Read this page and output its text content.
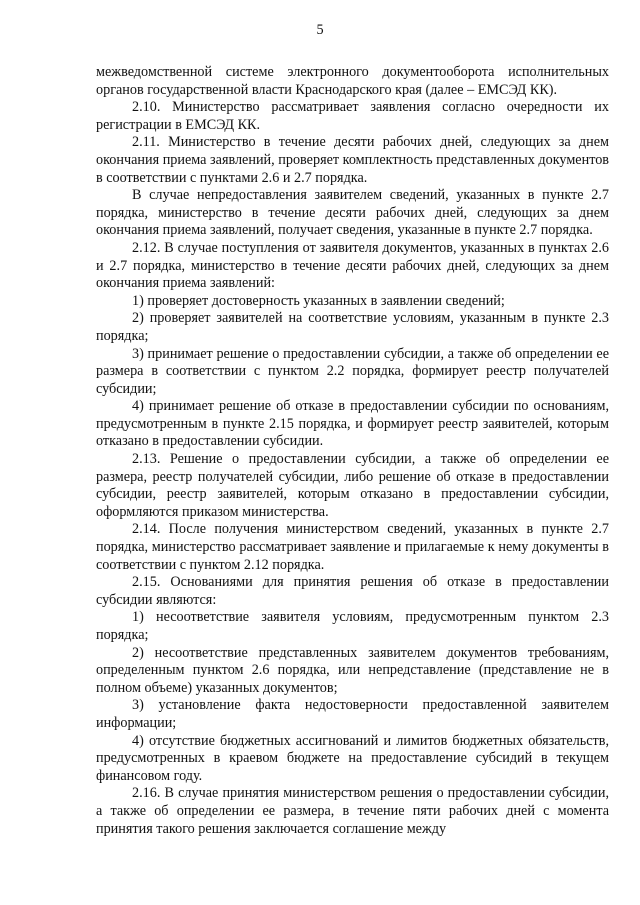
5

межведомственной системе электронного документооборота исполнительных органов государственной власти Краснодарского края (далее – ЕМСЭД КК).

2.10. Министерство рассматривает заявления согласно очередности их регистрации в ЕМСЭД КК.

2.11. Министерство в течение десяти рабочих дней, следующих за днем окончания приема заявлений, проверяет комплектность представленных документов в соответствии с пунктами 2.6 и 2.7 порядка.

В случае непредоставления заявителем сведений, указанных в пункте 2.7 порядка, министерство в течение десяти рабочих дней, следующих за днем окончания приема заявлений, получает сведения, указанные в пункте 2.7 порядка.

2.12. В случае поступления от заявителя документов, указанных в пунктах 2.6 и 2.7 порядка, министерство в течение десяти рабочих дней, следующих за днем окончания приема заявлений:

1) проверяет достоверность указанных в заявлении сведений;

2) проверяет заявителей на соответствие условиям, указанным в пункте 2.3 порядка;

3) принимает решение о предоставлении субсидии, а также об определении ее размера в соответствии с пунктом 2.2 порядка, формирует реестр получателей субсидии;

4) принимает решение об отказе в предоставлении субсидии по основаниям, предусмотренным в пункте 2.15 порядка, и формирует реестр заявителей, которым отказано в предоставлении субсидии.

2.13. Решение о предоставлении субсидии, а также об определении ее размера, реестр получателей субсидии, либо решение об отказе в предоставлении субсидии, реестр заявителей, которым отказано в предоставлении субсидии, оформляются приказом министерства.

2.14. После получения министерством сведений, указанных в пункте 2.7 порядка, министерство рассматривает заявление и прилагаемые к нему документы в соответствии с пунктом 2.12 порядка.

2.15. Основаниями для принятия решения об отказе в предоставлении субсидии являются:

1) несоответствие заявителя условиям, предусмотренным пунктом 2.3 порядка;

2) несоответствие представленных заявителем документов требованиям, определенным пунктом 2.6 порядка, или непредставление (представление не в полном объеме) указанных документов;

3) установление факта недостоверности предоставленной заявителем информации;

4) отсутствие бюджетных ассигнований и лимитов бюджетных обязательств, предусмотренных в краевом бюджете на предоставление субсидий в текущем финансовом году.

2.16. В случае принятия министерством решения о предоставлении субсидии, а также об определении ее размера, в течение пяти рабочих дней с момента принятия такого решения заключается соглашение между
